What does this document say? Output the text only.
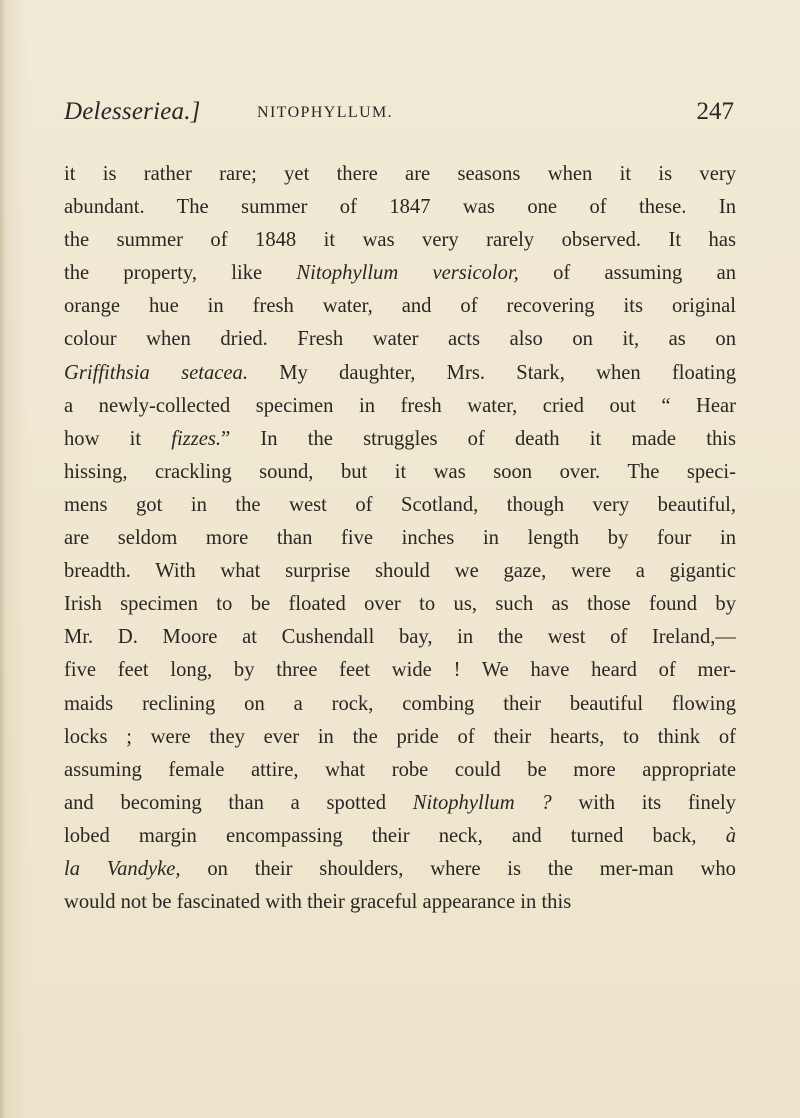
Delesseriea.]	NITOPHYLLUM.	247
it is rather rare; yet there are seasons when it is very
abundant. The summer of 1847 was one of these. In
the summer of 1848 it was very rarely observed. It has
the property, like Nitophyllum versicolor, of assuming an
orange hue in fresh water, and of recovering its original
colour when dried. Fresh water acts also on it, as on
Griffithsia setacea. My daughter, Mrs. Stark, when floating
a newly-collected specimen in fresh water, cried out “ Hear
how it fizzes.” In the struggles of death it made this
hissing, crackling sound, but it was soon over. The speci-
mens got in the west of Scotland, though very beautiful,
are seldom more than five inches in length by four in
breadth. With what surprise should we gaze, were a gigantic
Irish specimen to be floated over to us, such as those found by
Mr. D. Moore at Cushendall bay, in the west of Ireland,—
five feet long, by three feet wide ! We have heard of mer-
maids reclining on a rock, combing their beautiful flowing
locks ; were they ever in the pride of their hearts, to think of
assuming female attire, what robe could be more appropriate
and becoming than a spotted Nitophyllum ? with its finely
lobed margin encompassing their neck, and turned back, à
la Vandyke, on their shoulders, where is the mer-man who
would not be fascinated with their graceful appearance in this
